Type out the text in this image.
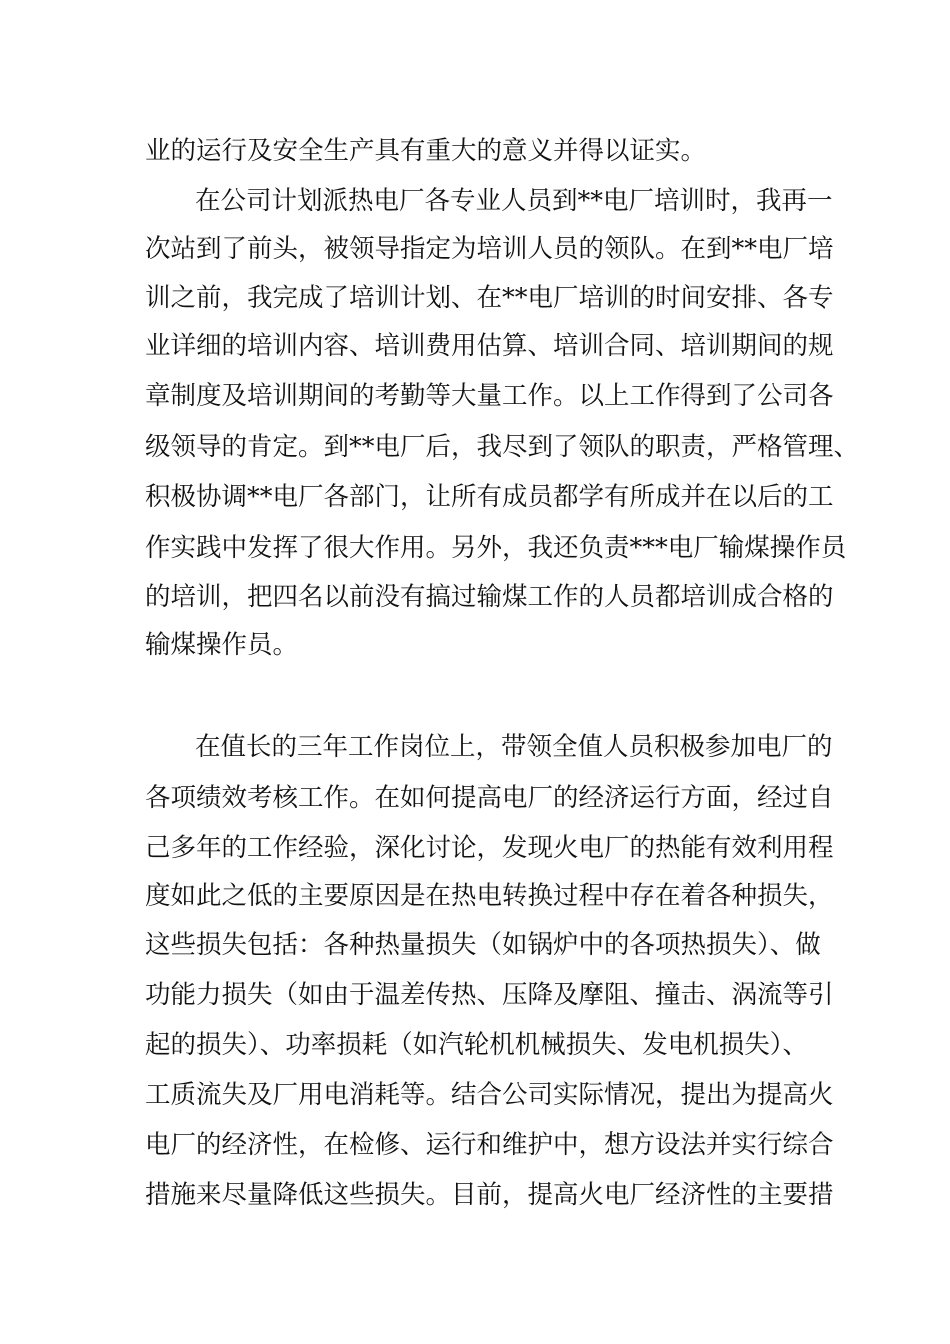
业的运行及安全生产具有重大的意义并得以证实。
在公司计划派热电厂各专业人员到**电厂培训时，我再一
次站到了前头，被领导指定为培训人员的领队。在到**电厂培
训之前，我完成了培训计划、在**电厂培训的时间安排、各专
业详细的培训内容、培训费用估算、培训合同、培训期间的规
章制度及培训期间的考勤等大量工作。以上工作得到了公司各
级领导的肯定。到**电厂后，我尽到了领队的职责，严格管理、
积极协调**电厂各部门，让所有成员都学有所成并在以后的工
作实践中发挥了很大作用。另外，我还负责***电厂输煤操作员
的培训，把四名以前没有搞过输煤工作的人员都培训成合格的
输煤操作员。
在值长的三年工作岗位上，带领全值人员积极参加电厂的
各项绩效考核工作。在如何提高电厂的经济运行方面，经过自
己多年的工作经验，深化讨论，发现火电厂的热能有效利用程
度如此之低的主要原因是在热电转换过程中存在着各种损失，
这些损失包括：各种热量损失（如锅炉中的各项热损失）、做
功能力损失（如由于温差传热、压降及摩阻、撞击、涡流等引
起的损失）、功率损耗（如汽轮机机械损失、发电机损失）、
工质流失及厂用电消耗等。结合公司实际情况，提出为提高火
电厂的经济性，在检修、运行和维护中，想方设法并实行综合
措施来尽量降低这些损失。目前，提高火电厂经济性的主要措
